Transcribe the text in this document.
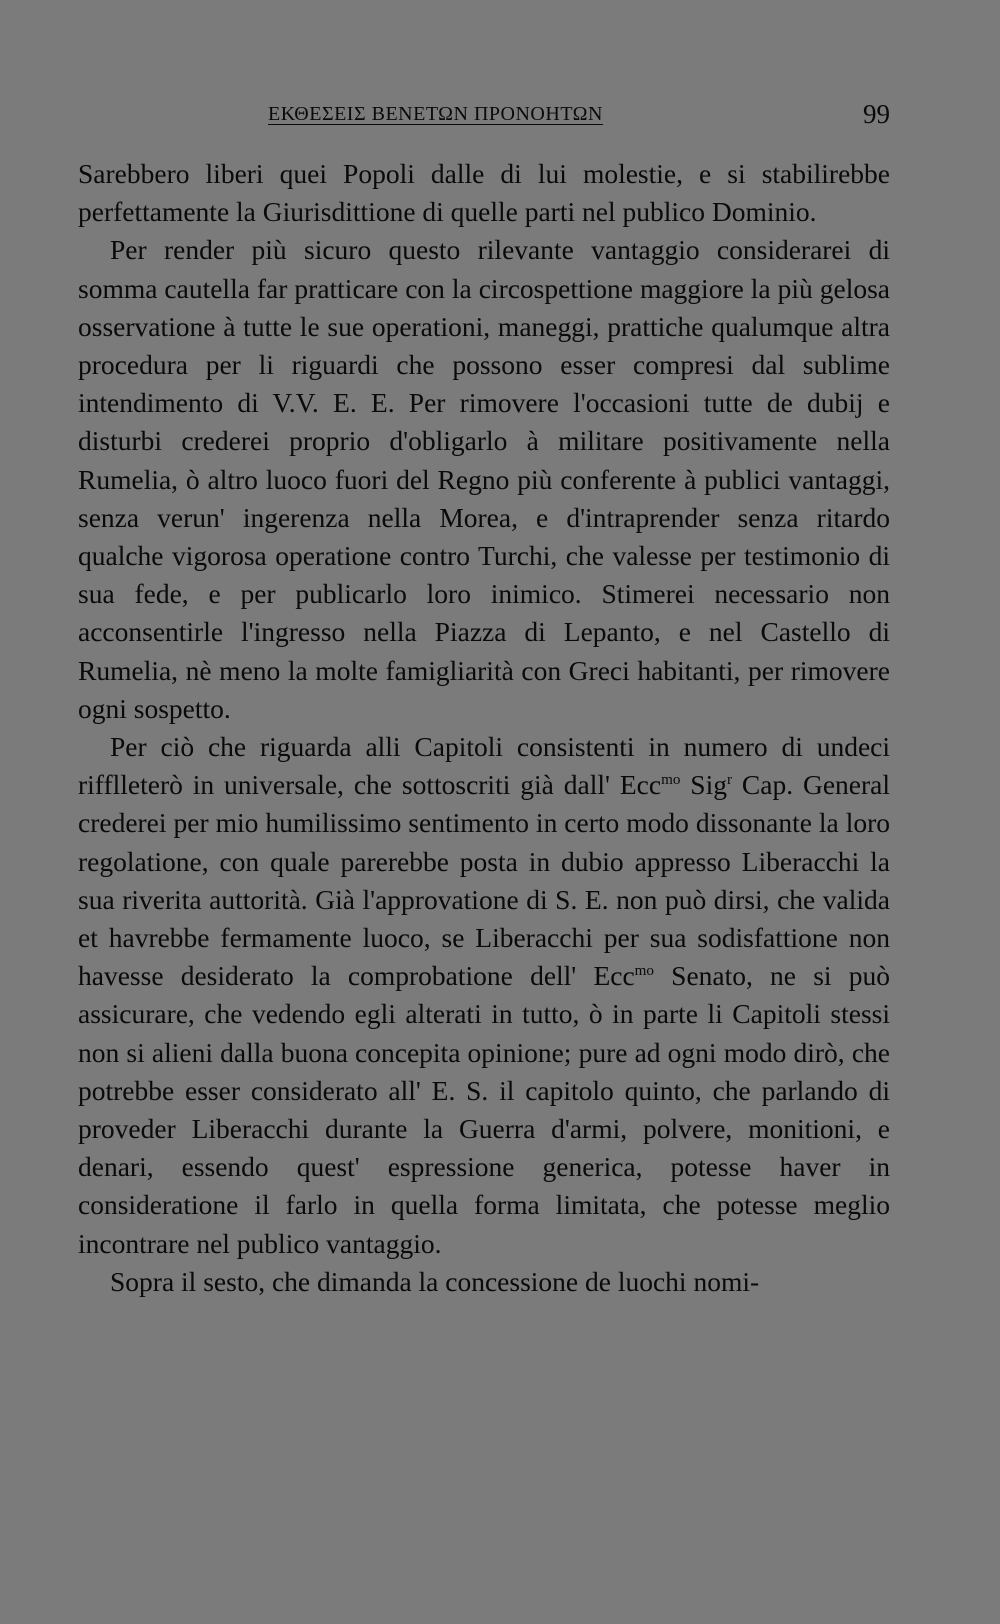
ΕΚΘΕΣΕΙΣ ΒΕΝΕΤΩΝ ΠΡΟΝΟΗΤΩΝ	99

Sarebbero liberi quei Popoli dalle di lui molestie, e si stabilirebbe perfettamente la Giurisdittione di quelle parti nel publico Dominio.

Per render più sicuro questo rilevante vantaggio considerarei di somma cautella far pratticare con la circospettione maggiore la più gelosa osservatione à tutte le sue operationi, maneggi, prattiche qualumque altra procedura per li riguardi che possono esser compresi dal sublime intendimento di V.V. E. E. Per rimovere l'occasioni tutte de dubij e disturbi crederei proprio d'obligarlo à militare positivamente nella Rumelia, ò altro luoco fuori del Regno più conferente à publici vantaggi, senza verun' ingerenza nella Morea, e d'intraprender senza ritardo qualche vigorosa operatione contro Turchi, che valesse per testimonio di sua fede, e per publicarlo loro inimico. Stimerei necessario non acconsentirle l'ingresso nella Piazza di Lepanto, e nel Castello di Rumelia, nè meno la molte famigliarità con Greci habitanti, per rimovere ogni sospetto.

Per ciò che riguarda alli Capitoli consistenti in numero di undeci rifflleterò in universale, che sottoscriti già dall' Ecc$^{mo}$ Sig$^r$ Cap. General crederei per mio humilissimo sentimento in certo modo dissonante la loro regolatione, con quale parerebbe posta in dubio appresso Liberacchi la sua riverita auttorità. Già l'approvatione di S. E. non può dirsi, che valida et havrebbe fermamente luoco, se Liberacchi per sua sodisfattione non havesse desiderato la comprobatione dell' Ecc$^{mo}$ Senato, ne si può assicurare, che vedendo egli alterati in tutto, ò in parte li Capitoli stessi non si alieni dalla buona concepita opinione; pure ad ogni modo dirò, che potrebbe esser considerato all' E. S. il capitolo quinto, che parlando di proveder Liberacchi durante la Guerra d'armi, polvere, monitioni, e denari, essendo quest' espressione generica, potesse haver in consideratione il farlo in quella forma limitata, che potesse meglio incontrare nel publico vantaggio.

Sopra il sesto, che dimanda la concessione de luochi nomi-
